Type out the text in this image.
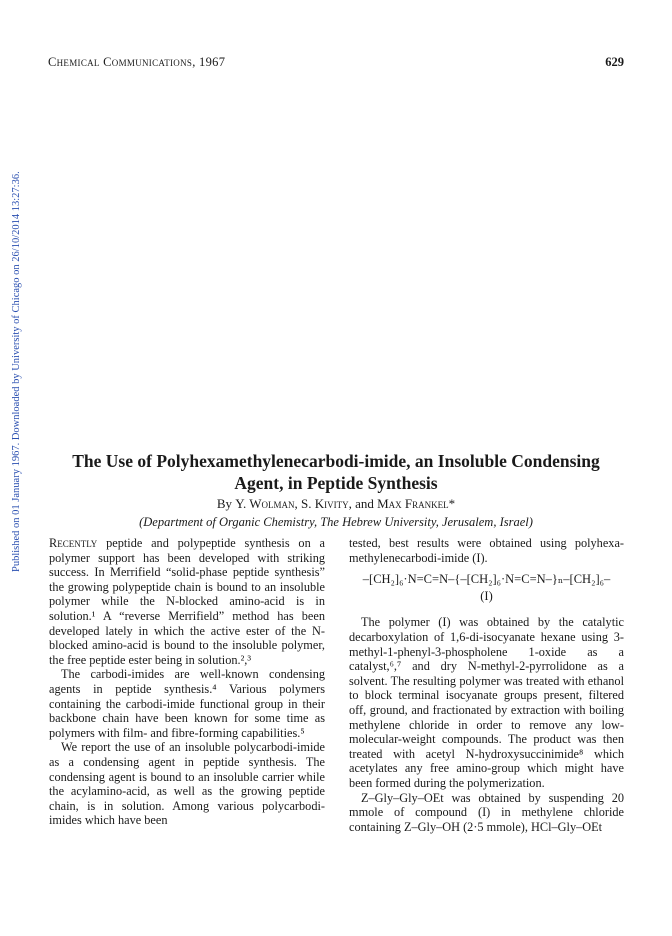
Chemical Communications, 1967	629
Published on 01 January 1967. Downloaded by University of Chicago on 26/10/2014 13:27:36.	The Use of Polyhexamethylenecarbodi-imide, an Insoluble Condensing
Agent, in Peptide Synthesis
By Y. Wolman, S. Kivity, and Max Frankel*
(Department of Organic Chemistry, The Hebrew University, Jerusalem, Israel)

Recently peptide and polypeptide synthesis on a polymer support has been developed with striking success. In Merrifield “solid-phase peptide synthesis” the growing polypeptide chain is bound to an insoluble polymer while the N-blocked amino-acid is in solution.¹ A “reverse Merrifield” method has been developed lately in which the active ester of the N-blocked amino-acid is bound to the insoluble polymer, the free peptide ester being in solution.²,³

The carbodi-imides are well-known condensing agents in peptide synthesis.⁴ Various polymers containing the carbodi-imide functional group in their backbone chain have been known for some time as polymers with film- and fibre-forming capabilities.⁵

We report the use of an insoluble polycarbodi-imide as a condensing agent in peptide synthesis. The condensing agent is bound to an insoluble carrier while the acylamino-acid, as well as the growing peptide chain, is in solution. Among various polycarbodi-imides which have been

tested, best results were obtained using polyhexa-methylenecarbodi-imide (I).

–[CH₂]₆·N=C=N–{–[CH₂]₆·N=C=N–}ₙ–[CH₂]₆–
(I)

The polymer (I) was obtained by the catalytic decarboxylation of 1,6-di-isocyanate hexane using 3-methyl-1-phenyl-3-phospholene 1-oxide as a catalyst,⁶,⁷ and dry N-methyl-2-pyrrolidone as a solvent. The resulting polymer was treated with ethanol to block terminal isocyanate groups present, filtered off, ground, and fractionated by extraction with boiling methylene chloride in order to remove any low-molecular-weight compounds. The product was then treated with acetyl N-hydroxysuccinimide⁸ which acetylates any free amino-group which might have been formed during the polymerization.

Z–Gly–Gly–OEt was obtained by suspending 20 mmole of compound (I) in methylene chloride containing Z–Gly–OH (2·5 mmole), HCl–Gly–OEt
